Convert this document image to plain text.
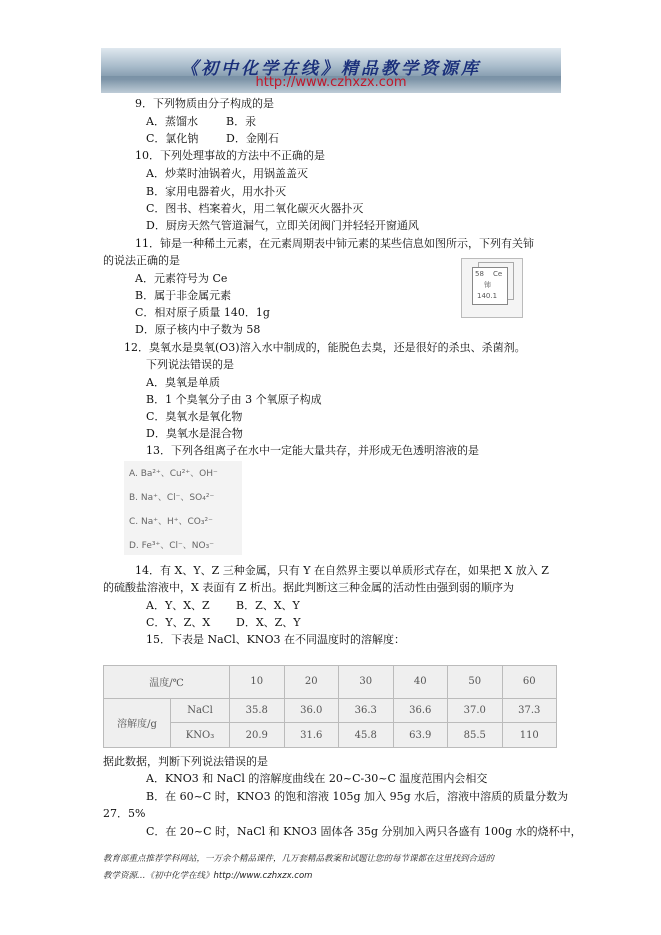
《初中化学在线》精品教学资源库
http://www.czhxzx.com
9．下列物质由分子构成的是
A．蒸馏水	B．汞
C．氯化钠	D．金刚石
10．下列处理事故的方法中不正确的是
A．炒菜时油锅着火，用锅盖盖灭
B．家用电器着火，用水扑灭
C．图书、档案着火，用二氧化碳灭火器扑灭
D．厨房天然气管道漏气，立即关闭阀门并轻轻开窗通风
11．铈是一种稀土元素，在元素周期表中铈元素的某些信息如图所示，下列有关铈
的说法正确的是
A．元素符号为 Ce
B．属于非金属元素
C．相对原子质量 140．1g
D．原子核内中子数为 58
58 Ce
铈
140.1
12．臭氧水是臭氧(O3)溶入水中制成的，能脱色去臭，还是很好的杀虫、杀菌剂。
下列说法错误的是
A．臭氧是单质
B．1 个臭氧分子由 3 个氧原子构成
C．臭氧水是氧化物
D．臭氧水是混合物
13．下列各组离子在水中一定能大量共存，并形成无色透明溶液的是
A. Ba²⁺、Cu²⁺、OH⁻
B. Na⁺、Cl⁻、SO₄²⁻
C. Na⁺、H⁺、CO₃²⁻
D. Fe³⁺、Cl⁻、NO₃⁻
14．有 X、Y、Z 三种金属，只有 Y 在自然界主要以单质形式存在，如果把 X 放入 Z
的硫酸盐溶液中，X 表面有 Z 析出。据此判断这三种金属的活动性由强到弱的顺序为
A．Y、X、Z B．Z、X、Y
C．Y、Z、X D．X、Z、Y
15．下表是 NaCl、KNO3 在不同温度时的溶解度：
温度/℃		10	20	30	40	50	60
溶解度/g	NaCl	35.8	36.0	36.3	36.6	37.0	37.3
	KNO₃	20.9	31.6	45.8	63.9	85.5	110
据此数据，判断下列说法错误的是
A．KNO3 和 NaCl 的溶解度曲线在 20~C-30~C 温度范围内会相交
B．在 60~C 时，KNO3 的饱和溶液 105g 加入 95g 水后，溶液中溶质的质量分数为
27．5%
C．在 20~C 时，NaCl 和 KNO3 固体各 35g 分别加入两只各盛有 100g 水的烧杯中，
教育部重点推荐学科网站，一万余个精品课件，几万套精品教案和试题让您的每节课都在这里找到合适的
教学资源…《初中化学在线》http://www.czhxzx.com
